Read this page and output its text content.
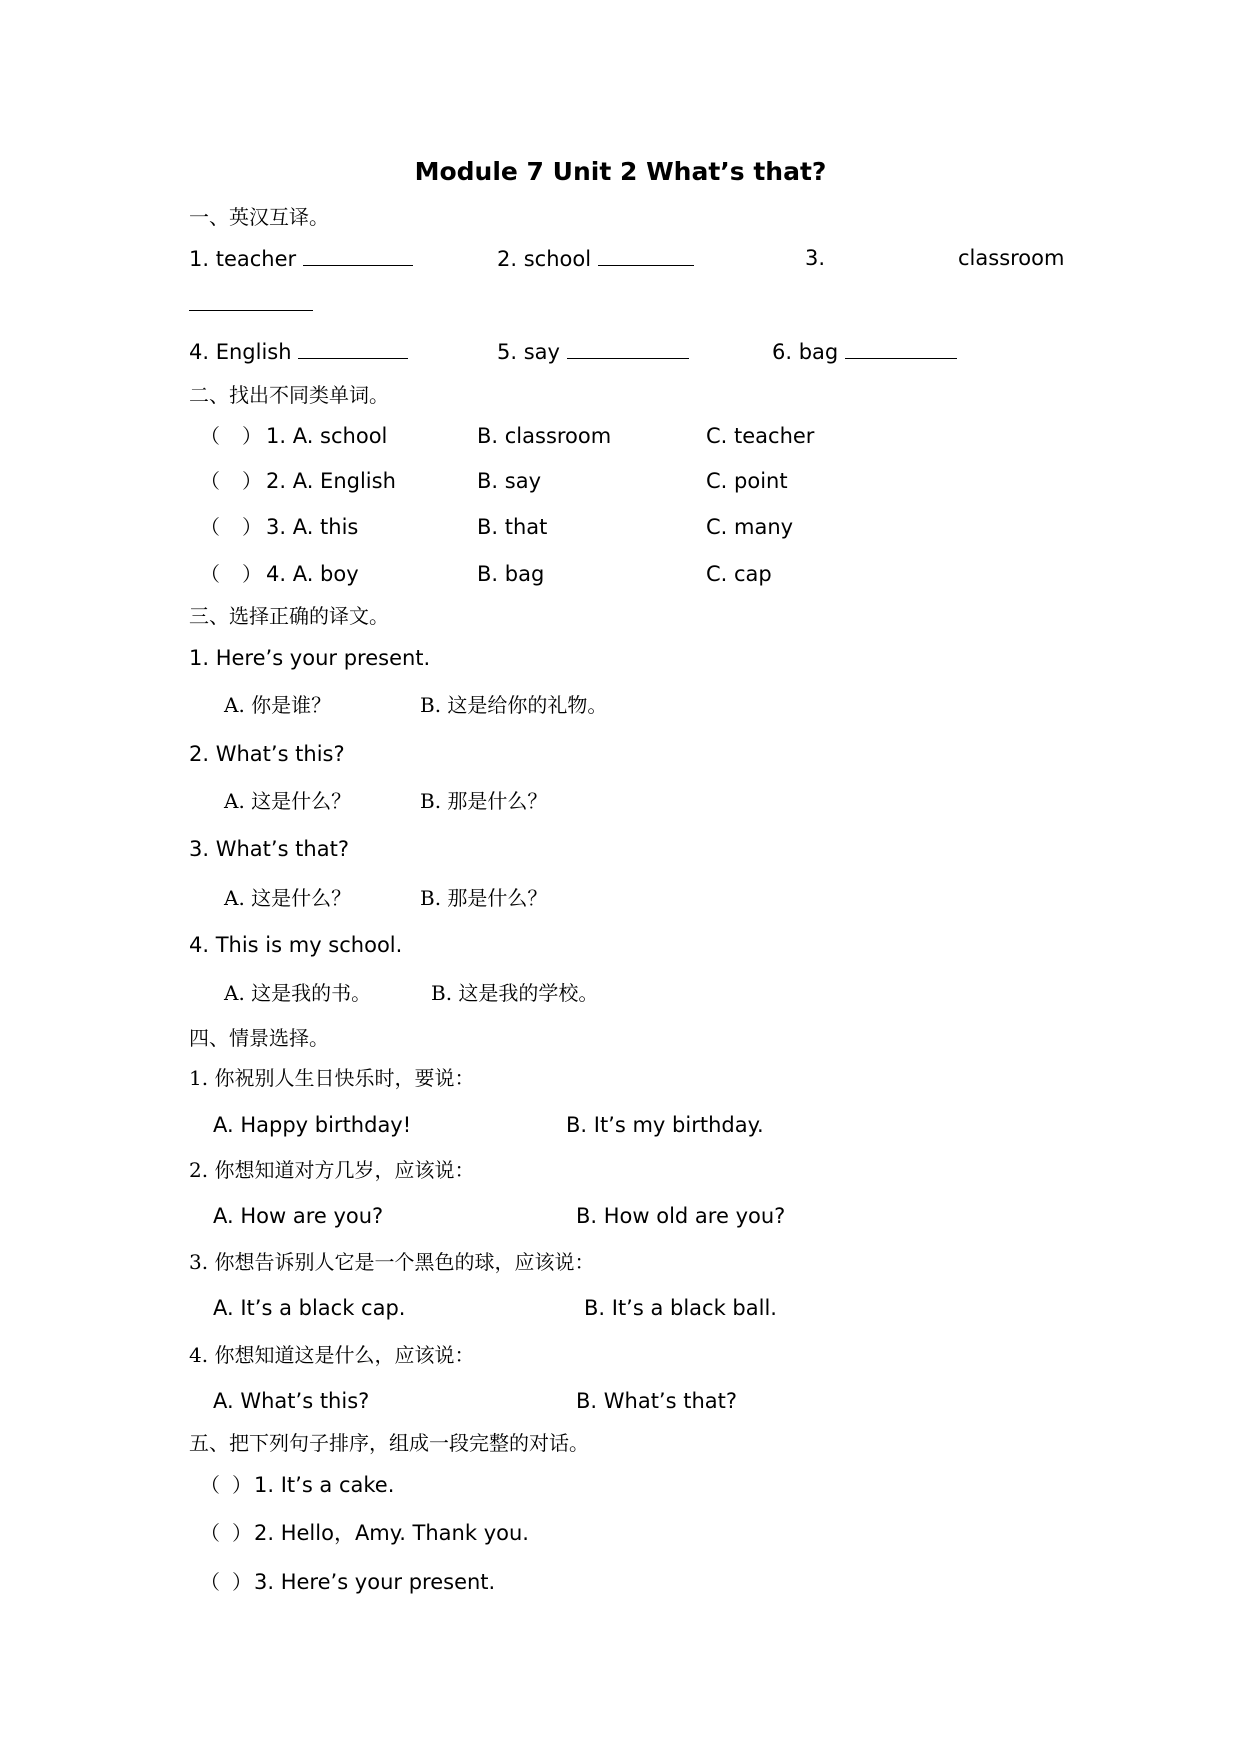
Module 7 Unit 2 What’s that?
一、英汉互译。
1. teacher	2. school	3.	classroom
4. English	5. say	6. bag
二、找出不同类单词。
三、选择正确的译文。
四、情景选择。
五、把下列句子排序，组成一段完整的对话。
（ ） 1. A. school	B. classroom	C. teacher
（ ） 2. A. English	B. say	C. point
（ ） 3. A. this	B. that	C. many
（ ） 4. A. boy	B. bag	C. cap
1. Here’s your present.
A. 你是谁？	B. 这是给你的礼物。
2. What’s this?
A. 这是什么？	B. 那是什么？
3. What’s that?
A. 这是什么？	B. 那是什么？
4. This is my school.
A. 这是我的书。	B. 这是我的学校。
1. 你祝别人生日快乐时，要说：
A. Happy birthday!	B. It’s my birthday.
2. 你想知道对方几岁，应该说：
A. How are you?	B. How old are you?
3. 你想告诉别人它是一个黑色的球，应该说：
A. It’s a black cap.	B. It’s a black ball.
4. 你想知道这是什么，应该说：
A. What’s this?	B. What’s that?
（ ） 1. It’s a cake.
（ ） 2. Hello，Amy. Thank you.
（ ） 3. Here’s your present.
